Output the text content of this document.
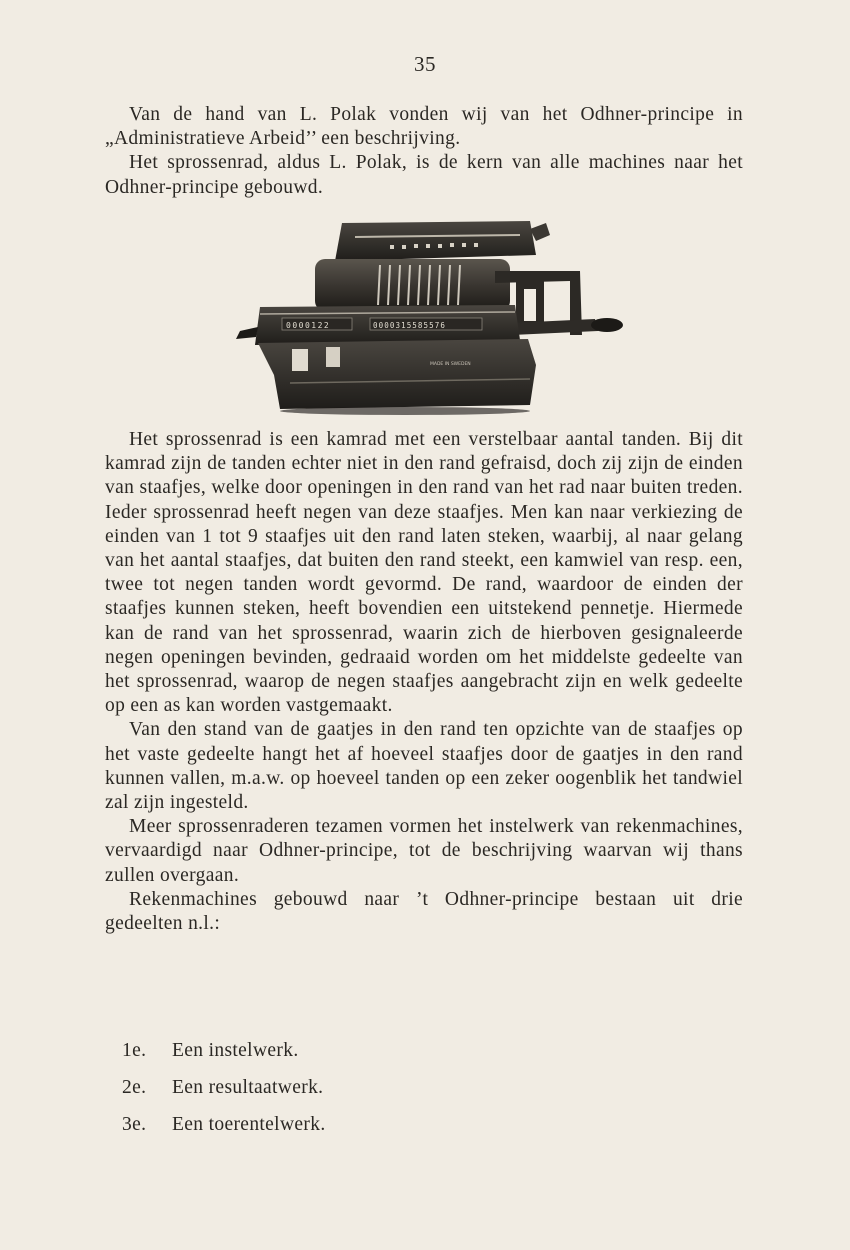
35

Van de hand van L. Polak vonden wij van het Odhner-principe in „Administratieve Arbeid’’ een beschrijving.

Het sprossenrad, aldus L. Polak, is de kern van alle machines naar het Odhner-principe gebouwd.

0000122	0000315585576
MADE IN SWEDEN

Het sprossenrad is een kamrad met een verstelbaar aantal tanden. Bij dit kamrad zijn de tanden echter niet in den rand gefraisd, doch zij zijn de einden van staafjes, welke door openingen in den rand van het rad naar buiten treden. Ieder sprossenrad heeft negen van deze staafjes. Men kan naar verkiezing de einden van 1 tot 9 staafjes uit den rand laten steken, waarbij, al naar gelang van het aantal staafjes, dat buiten den rand steekt, een kamwiel van resp. een, twee tot negen tanden wordt gevormd. De rand, waardoor de einden der staafjes kunnen steken, heeft bovendien een uitstekend pennetje. Hiermede kan de rand van het sprossenrad, waarin zich de hierboven gesignaleerde negen openingen bevinden, gedraaid worden om het middelste gedeelte van het sprossenrad, waarop de negen staafjes aangebracht zijn en welk gedeelte op een as kan worden vastgemaakt.

Van den stand van de gaatjes in den rand ten opzichte van de staafjes op het vaste gedeelte hangt het af hoeveel staafjes door de gaatjes in den rand kunnen vallen, m.a.w. op hoeveel tanden op een zeker oogenblik het tandwiel zal zijn ingesteld.

Meer sprossenraderen tezamen vormen het instelwerk van rekenmachines, vervaardigd naar Odhner-principe, tot de beschrijving waarvan wij thans zullen overgaan.

Rekenmachines gebouwd naar ’t Odhner-principe bestaan uit drie gedeelten n.l.:

1e.	Een instelwerk.
2e.	Een resultaatwerk.
3e.	Een toerentelwerk.
